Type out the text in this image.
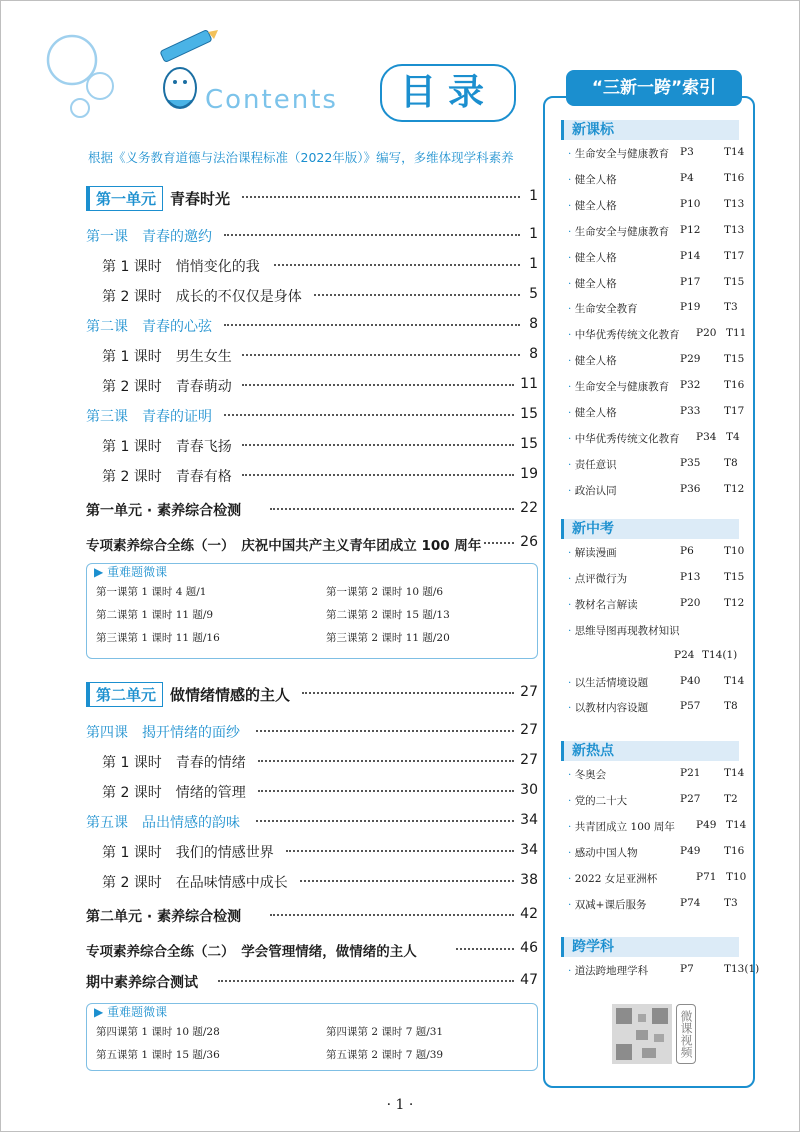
Contents	目录
根据《义务教育道德与法治课程标准（2022年版）》编写，多维体现学科素养
第一单元 青春时光	1
第一课　青春的邀约	1
第 1 课时　悄悄变化的我	1
第 2 课时　成长的不仅仅是身体	5
第二课　青春的心弦	8
第 1 课时　男生女生	8
第 2 课时　青春萌动	11
第三课　青春的证明	15
第 1 课时　青春飞扬	15
第 2 课时　青春有格	19
第一单元 · 素养综合检测	22
专项素养综合全练（一）　庆祝中国共产主义青年团成立 100 周年	26
▶ 重难题微课
第一课第 1 课时 4 题/1	第一课第 2 课时 10 题/6
第二课第 1 课时 11 题/9	第二课第 2 课时 15 题/13
第三课第 1 课时 11 题/16	第三课第 2 课时 11 题/20
第二单元 做情绪情感的主人	27
第四课　揭开情绪的面纱	27
第 1 课时　青春的情绪	27
第 2 课时　情绪的管理	30
第五课　品出情感的韵味	34
第 1 课时　我们的情感世界	34
第 2 课时　在品味情感中成长	38
第二单元 · 素养综合检测	42
专项素养综合全练（二）　学会管理情绪，做情绪的主人	46
期中素养综合测试	47
▶ 重难题微课
第四课第 1 课时 10 题/28	第四课第 2 课时 7 题/31
第五课第 1 课时 15 题/36	第五课第 2 课时 7 题/39
“三新一跨”索引
新课标
· 生命安全与健康教育 P3	T14
· 健全人格	P4	T16
· 健全人格	P10 T13
· 生命安全与健康教育 P12 T13
· 健全人格	P14 T17
· 健全人格	P17 T15
· 生命安全教育	P19 T3
· 中华优秀传统文化教育 P20 T11
· 健全人格	P29 T15
· 生命安全与健康教育 P32 T16
· 健全人格	P33 T17
· 中华优秀传统文化教育 P34 T4
· 责任意识	P35 T8
· 政治认同	P36 T12
新中考
· 解读漫画	P6	T10
· 点评微行为	P13 T15
· 教材名言解读	P20 T12
· 思维导图再现教材知识
P24 T14(1)
· 以生活情境设题	P40 T14
· 以教材内容设题	P57 T8
新热点
· 冬奥会	P21 T14
· 党的二十大	P27 T2
· 共青团成立 100 周年 P49 T14
· 感动中国人物	P49 T16
· 2022 女足亚洲杯	P71 T10
· 双减+课后服务	P74 T3
跨学科
· 道法跨地理学科	P7	T13(1)
微课视频
· 1 ·
